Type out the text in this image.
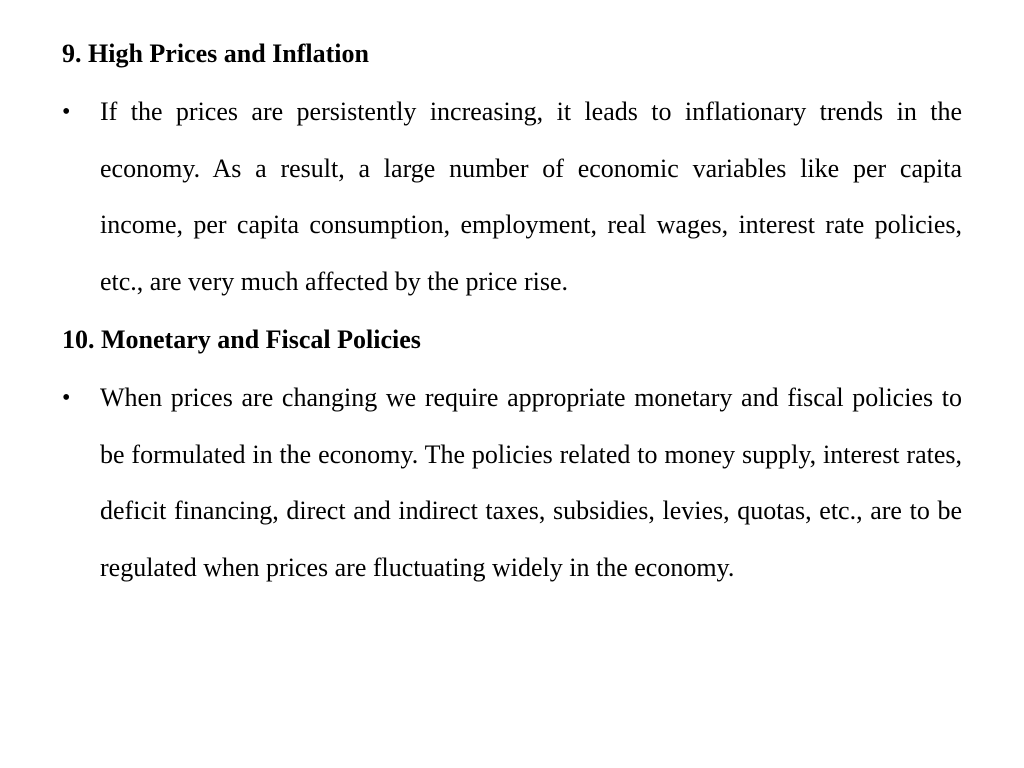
9. High Prices and Inflation
•	If the prices are persistently increasing, it leads to inflationary trends in the economy. As a result, a large number of economic variables like per capita income, per capita consumption, employment, real wages, interest rate policies, etc., are very much affected by the price rise.
10. Monetary and Fiscal Policies
•	When prices are changing we require appropriate monetary and fiscal policies to be formulated in the economy. The policies related to money supply, interest rates, deficit financing, direct and indirect taxes, subsidies, levies, quotas, etc., are to be regulated when prices are fluctuating widely in the economy.
